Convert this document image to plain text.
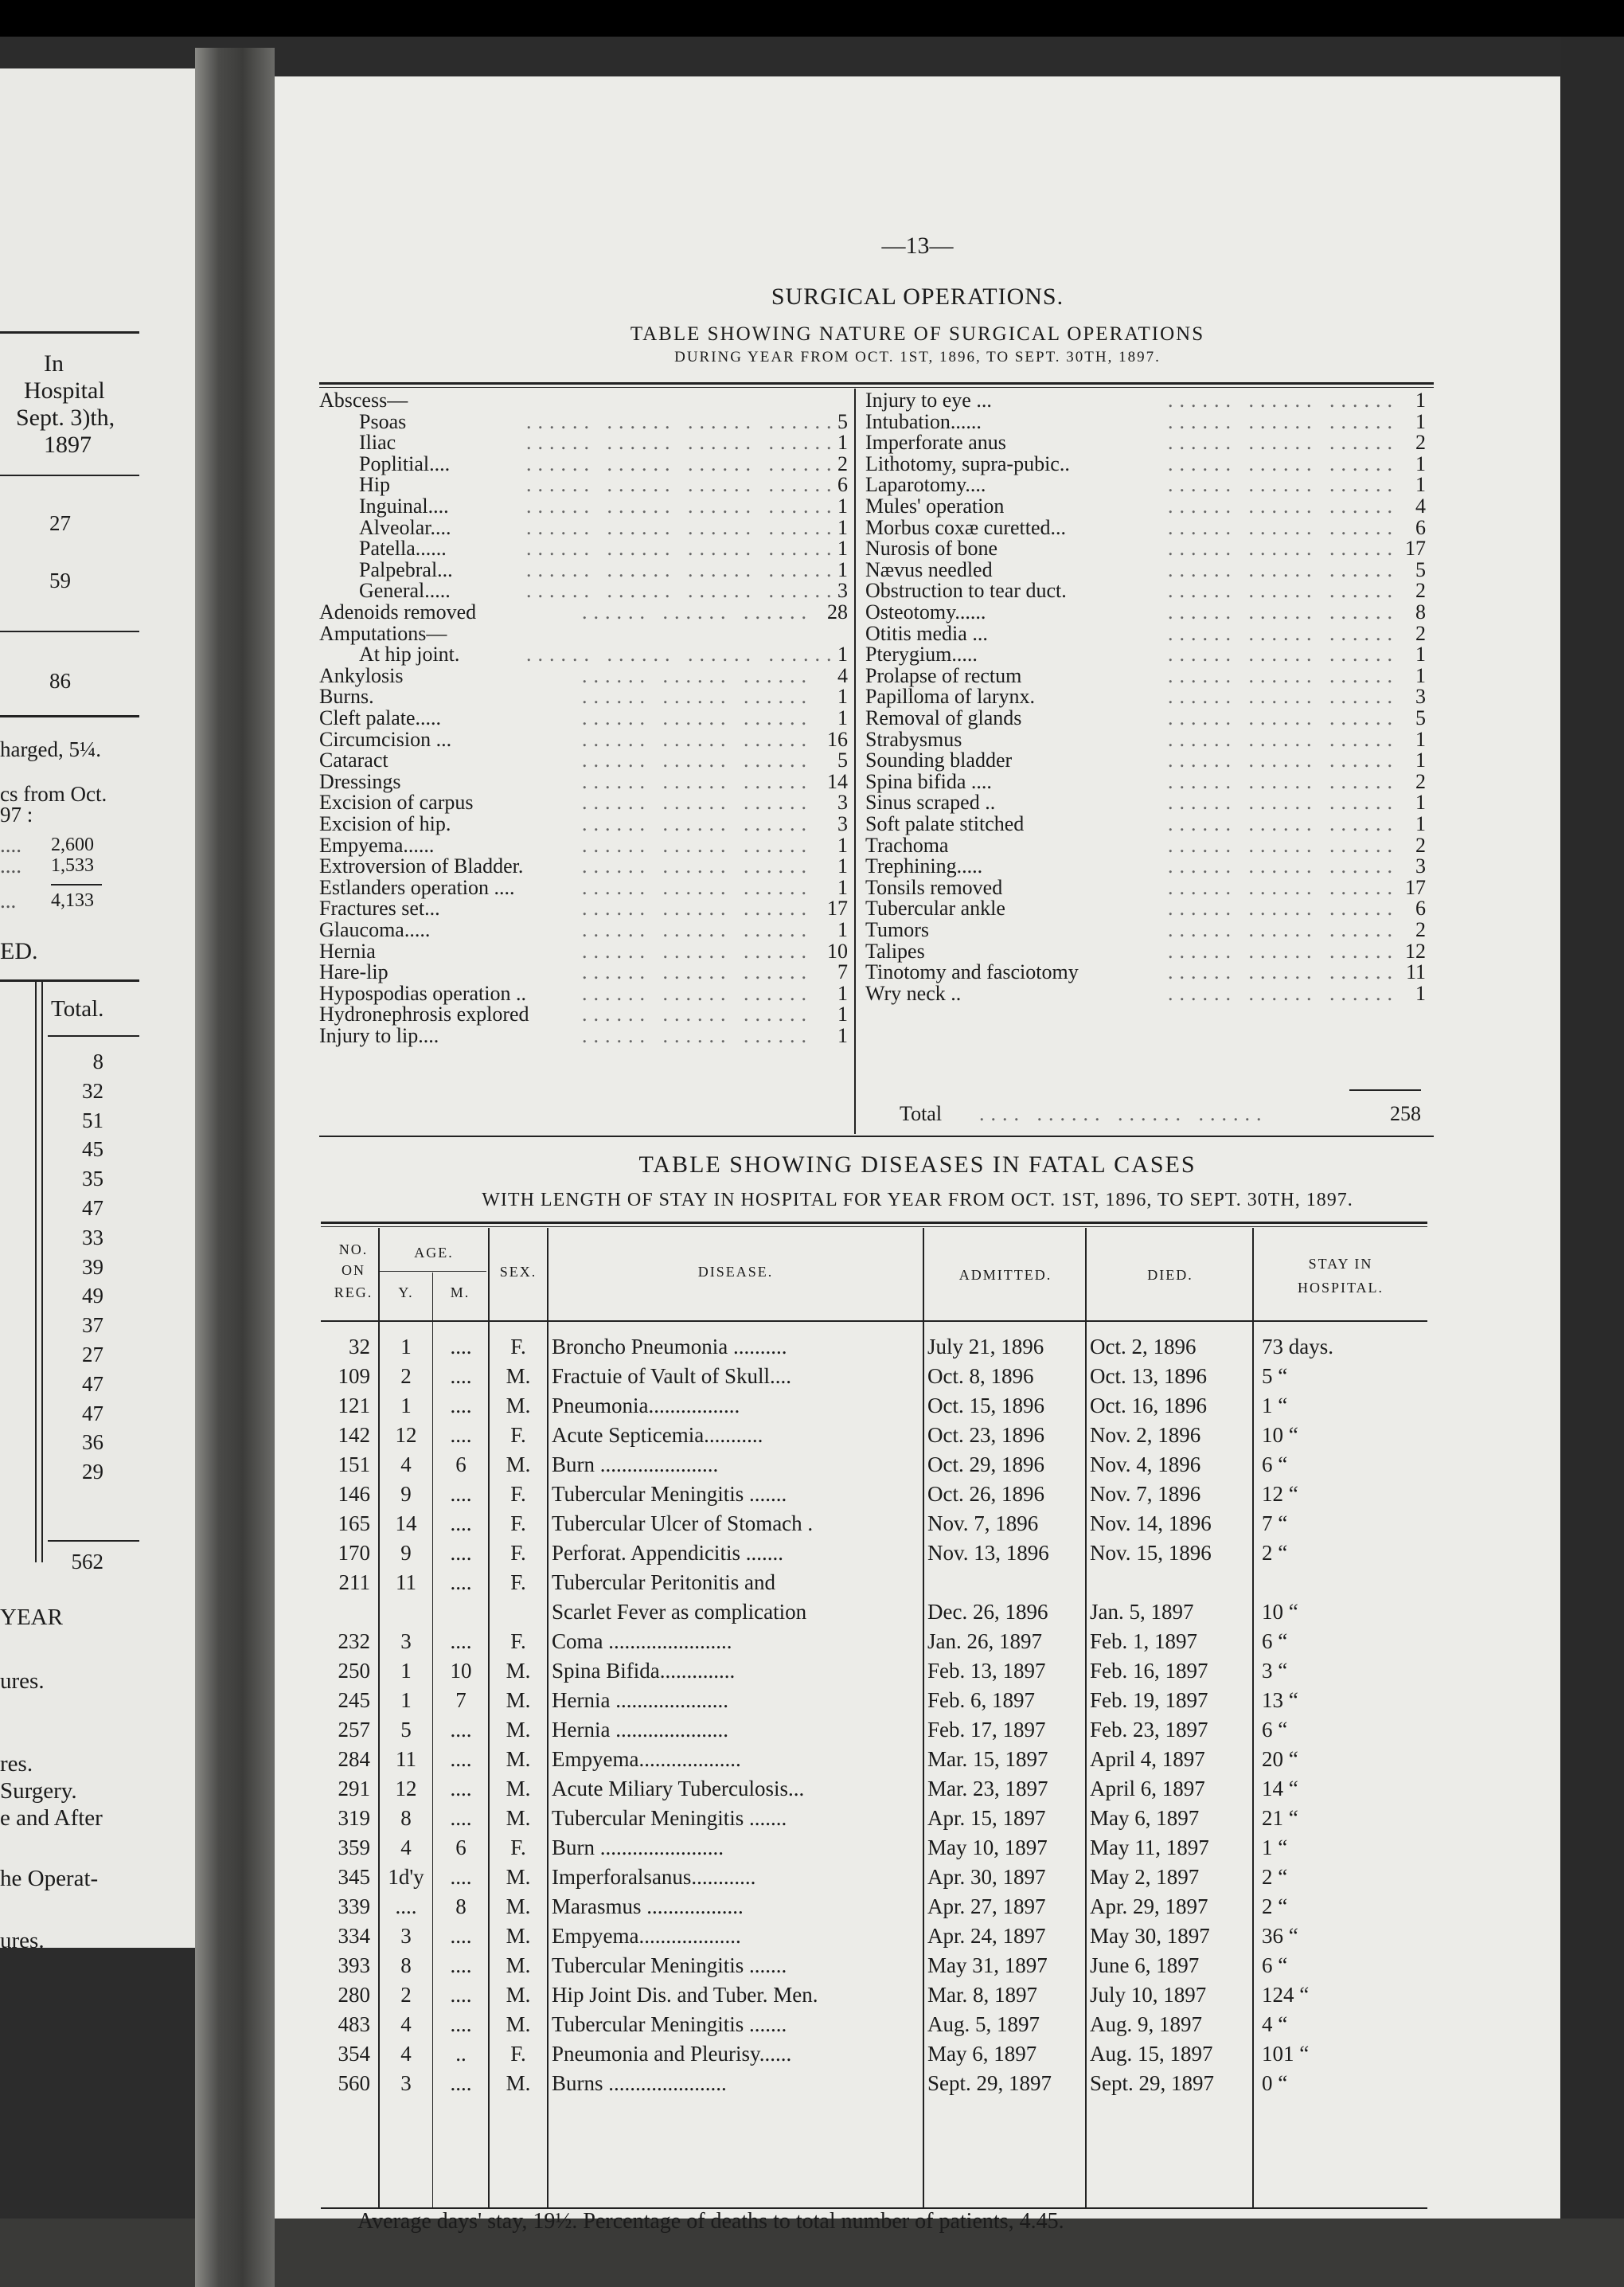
In
Hospital
Sept. 3)th,
1897
27
59
86
harged, 5¼.
cs from Oct.
97 :
.... 2,600
.... 1,533
... 4,133
ED.
Total.
8
32
51
45
35
47
33
39
49
37
27
47
47
36
29
562
YEAR
ures.
res.
Surgery.
e and After
he Operat-
ures.
—13—
SURGICAL OPERATIONS.
TABLE SHOWING NATURE OF SURGICAL OPERATIONS
DURING YEAR FROM OCT. 1ST, 1896, TO SEPT. 30TH, 1897.
Abscess—
Psoas	...... ...... ...... ...... 5
Iliac	...... ...... ...... ...... 1
Poplitial....	...... ...... ...... ...... 2
Hip	...... ...... ...... ...... 6
Inguinal....	...... ...... ...... ...... 1
Alveolar....	...... ...... ...... ...... 1
Patella......	...... ...... ...... ...... 1
Palpebral...	...... ...... ...... ...... 1
General.....	...... ...... ...... ...... 3
Adenoids removed	...... ...... ...... 28
Amputations—
At hip joint.	...... ...... ...... ...... 1
Ankylosis	...... ...... ...... 4
Burns.	...... ...... ...... 1
Cleft palate.....	...... ...... ...... 1
Circumcision ...	...... ...... ...... 16
Cataract	...... ...... ...... 5
Dressings	...... ...... ...... 14
Excision of carpus	...... ...... ...... 3
Excision of hip.	...... ...... ...... 3
Empyema......	...... ...... ...... 1
Extroversion of Bladder.	...... ...... ...... 1
Estlanders operation ....	...... ...... ...... 1
Fractures set...	...... ...... ...... 17
Glaucoma.....	...... ...... ...... 1
Hernia	...... ...... ...... 10
Hare-lip	...... ...... ...... 7
Hypospodias operation ..	...... ...... ...... 1
Hydronephrosis explored	...... ...... ...... 1
Injury to lip....	...... ...... ...... 1
Injury to eye ...	...... ...... ...... 1
Intubation......	...... ...... ...... 1
Imperforate anus	...... ...... ...... 2
Lithotomy, supra-pubic..	...... ...... ...... 1
Laparotomy....	...... ...... ...... 1
Mules' operation	...... ...... ...... 4
Morbus coxæ curetted...	...... ...... ...... 6
Nurosis of bone	...... ...... ...... 17
Nævus needled	...... ...... ...... 5
Obstruction to tear duct.	...... ...... ...... 2
Osteotomy......	...... ...... ...... 8
Otitis media ...	...... ...... ...... 2
Pterygium.....	...... ...... ...... 1
Prolapse of rectum	...... ...... ...... 1
Papilloma of larynx.	...... ...... ...... 3
Removal of glands	...... ...... ...... 5
Strabysmus	...... ...... ...... 1
Sounding bladder	...... ...... ...... 1
Spina bifida ....	...... ...... ...... 2
Sinus scraped ..	...... ...... ...... 1
Soft palate stitched	...... ...... ...... 1
Trachoma	...... ...... ...... 2
Trephining.....	...... ...... ...... 3
Tonsils removed	...... ...... ...... 17
Tubercular ankle	...... ...... ...... 6
Tumors	...... ...... ...... 2
Talipes	...... ...... ...... 12
Tinotomy and fasciotomy	...... ...... ...... 11
Wry neck ..	...... ...... ...... 1
Total .... ...... ...... ......	258
TABLE SHOWING DISEASES IN FATAL CASES
WITH LENGTH OF STAY IN HOSPITAL FOR YEAR FROM OCT. 1ST, 1896, TO SEPT. 30TH, 1897.
NO.
ON
REG.
AGE.
Y.	M.
SEX.	DISEASE.	ADMITTED.	DIED.
STAY IN
HOSPITAL.
32	1	....	F.	Broncho Pneumonia ..........	July 21, 1896	Oct. 2, 1896	73 days.
109	2	....	M. Fractuie of Vault of Skull....	Oct. 8, 1896	Oct. 13, 1896	5 “
121	1	....	M. Pneumonia.................	Oct. 15, 1896	Oct. 16, 1896	1 “
142	12	....	F.	Acute Septicemia...........	Oct. 23, 1896	Nov. 2, 1896	10 “
151	4	6	M. Burn ......................	Oct. 29, 1896	Nov. 4, 1896	6 “
146	9	....	F.	Tubercular Meningitis .......	Oct. 26, 1896	Nov. 7, 1896	12 “
165	14	....	F.	Tubercular Ulcer of Stomach .	Nov. 7, 1896	Nov. 14, 1896	7 “
170	9	....	F.	Perforat. Appendicitis .......	Nov. 13, 1896	Nov. 15, 1896	2 “
211	11	....	F.	Tubercular Peritonitis and
Scarlet Fever as complication	Dec. 26, 1896	Jan. 5, 1897	10 “
232	3	....	F.	Coma .......................	Jan. 26, 1897	Feb. 1, 1897	6 “
250	1	10	M. Spina Bifida..............	Feb. 13, 1897	Feb. 16, 1897	3 “
245	1	7	M. Hernia .....................	Feb. 6, 1897	Feb. 19, 1897	13 “
257	5	....	M. Hernia .....................	Feb. 17, 1897	Feb. 23, 1897	6 “
284	11	....	M. Empyema...................	Mar. 15, 1897	April 4, 1897	20 “
291	12	....	M. Acute Miliary Tuberculosis...	Mar. 23, 1897	April 6, 1897	14 “
319	8	....	M. Tubercular Meningitis .......	Apr. 15, 1897	May 6, 1897	21 “
359	4	6	F.	Burn .......................	May 10, 1897	May 11, 1897	1 “
345 1d'y	....	M. Imperforalsanus............	Apr. 30, 1897	May 2, 1897	2 “
339	....	8	M. Marasmus ..................	Apr. 27, 1897	Apr. 29, 1897	2 “
334	3	....	M. Empyema...................	Apr. 24, 1897	May 30, 1897	36 “
393	8	....	M. Tubercular Meningitis .......	May 31, 1897	June 6, 1897	6 “
280	2	....	M. Hip Joint Dis. and Tuber. Men.	Mar. 8, 1897	July 10, 1897	124 “
483	4	....	M. Tubercular Meningitis .......	Aug. 5, 1897	Aug. 9, 1897	4 “
354	4	..	F.	Pneumonia and Pleurisy......	May 6, 1897	Aug. 15, 1897	101 “
560	3	....	M. Burns ......................	Sept. 29, 1897	Sept. 29, 1897	0 “
Average days' stay, 19½. Percentage of deaths to total number of patients, 4.45.
